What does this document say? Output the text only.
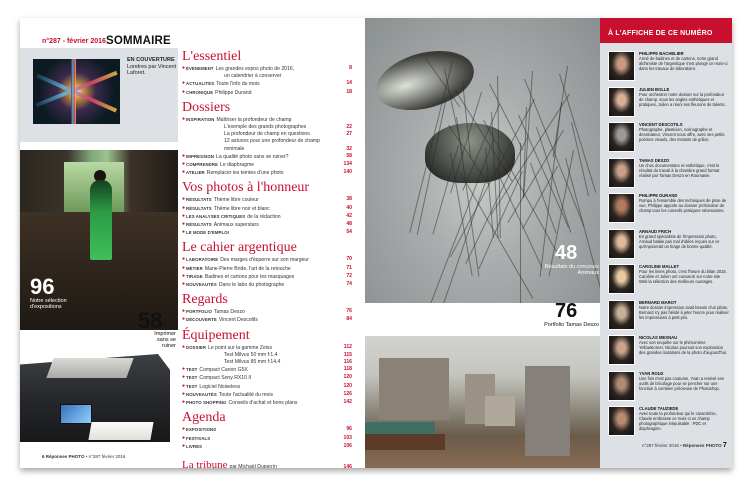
n°287 - février 2016 SOMMAIRE
EN COUVERTURE
Londres par Vincent Laforet.
96
Notre sélection d'expositions
58
Imprimer sans se ruiner
6 Réponses PHOTO • n°287 février 2016
L'essentiel
● ÉVÉNEMENT Les grandes expos photo de 2016,	8
un calendrier à conserver
● ACTUALITÉS Toute l'info du mois	14
● CHRONIQUE Philippe Durand	18
Dossiers
● INSPIRATION Maîtriser la profondeur de champ
L'exemple des grands photographes	22
La profondeur de champ en questions	27
12 astuces pour une profondeur de champ
minimale	32
● IMPRESSION La qualité photo sans se ruiner?	58
● COMPRENDRE Le diaphragme	134
● ATELIER Remplacer les teintes d'une photo	140
Vos photos à l'honneur
● RÉSULTATS Thème libre couleur	38
● RÉSULTATS Thème libre noir et blanc	40
● LES ANALYSES CRITIQUES de la rédaction	42
● RÉSULTATS Animaux superstars	48
● LE MODE D'EMPLOI	54
Le cahier argentique
● LABORATOIRE Des marges d'équerre sur son margeur	70
● MÉTIER Marie-Pierre Bride, l'art de la retouche	71
● TIRAGE Badines et cartons pour les masquages	72
● NOUVEAUTÉS Dans le labo du photographe	74
Regards
● PORTFOLIO Tamas Deszo	76
● DÉCOUVERTE Vincent Descotils	84
Équipement
● DOSSIER Le point sur la gamme Zeiss	112
Test Milvus 50 mm f:1,4	115
Test Milvus 85 mm f:14,4	116
● TEST Compact Canon G5X	118
● TEST Compact Sony RX10 II	120
● TEST Logiciel Noiseless	120
● NOUVEAUTÉS Toute l'actualité du mois	126
● PHOTO SHOPPING Conseils d'achat et bons plans	142
Agenda
● EXPOSITIONS	96
● FESTIVALS	103
● LIVRES	106
La tribune par Michaël Duperrin	146
48
Résultats du concours Animaux
76
Portfolio Tamas Deszo
À L'AFFICHE DE CE NUMÉRO
PHILIPPE BACHELIER
Armé de badines et de cartons, notre grand alchimiste de l'argentique s'est plongé ce mois-ci dans les travaux de laboratoire.
JULIEN BOLLE
Pour orchestrer notre dossier sur la profondeur de champ, sous les angles esthétiques et pratiques, Julien a réuni ses fleurons de talents.
VINCENT DESCOTILS
Photographe, plasticien, scénographe et dessinateur, Vincent nous offre, avec ses petits poèmes visuels, des instants de grâce.
TAMAS DESZO
Un choc documentaire et esthétique, c'est le résultat du travail à la chambre grand format réalisé par Tamas Deszo en Roumanie.
PHILIPPE DURAND
Rompu à l'ensemble des techniques de prise de vue, Philippe apporte au dossier profondeur de champ tous les conseils pratiques nécessaires.
ARNAUD FRICH
En grand spécialiste de l'impression photo, Arnaud balaie pas mal d'idées reçues sur ce qu'imposerait un tirage de bonne qualité.
CAROLINE MALLET
Pour les livres photo, c'est l'heure du bilan 2015. Caroline et Julien ont consacré sur notre site Web la sélection des meilleurs ouvrages.
BERNARD MAROT
Notre dossier impression avait besoin d'un pilote, Bernard s'y pas hésité à jeter l'encre pour réaliser les impressions à petit prix.
NICOLAS MESNAU
Avec son enquête sur le phénomène YellowKorner, Nicolas poursuit son exploration des grandes mutations de la photo d'aujourd'hui.
YVAN ROUX
Une fois n'est pas coutume, Yvan a remisé ses outils de bricolage pour se pencher sur une fonction à combien précieuse de Photoshop.
CLAUDE TAUZIEDE
Avec toute la profondeur qui le caractérise, Claude embrasse ce mois-ci un champ photographique inépuisable : PDC et diaphragme.
n°287 février 2016 • Réponses PHOTO 7
